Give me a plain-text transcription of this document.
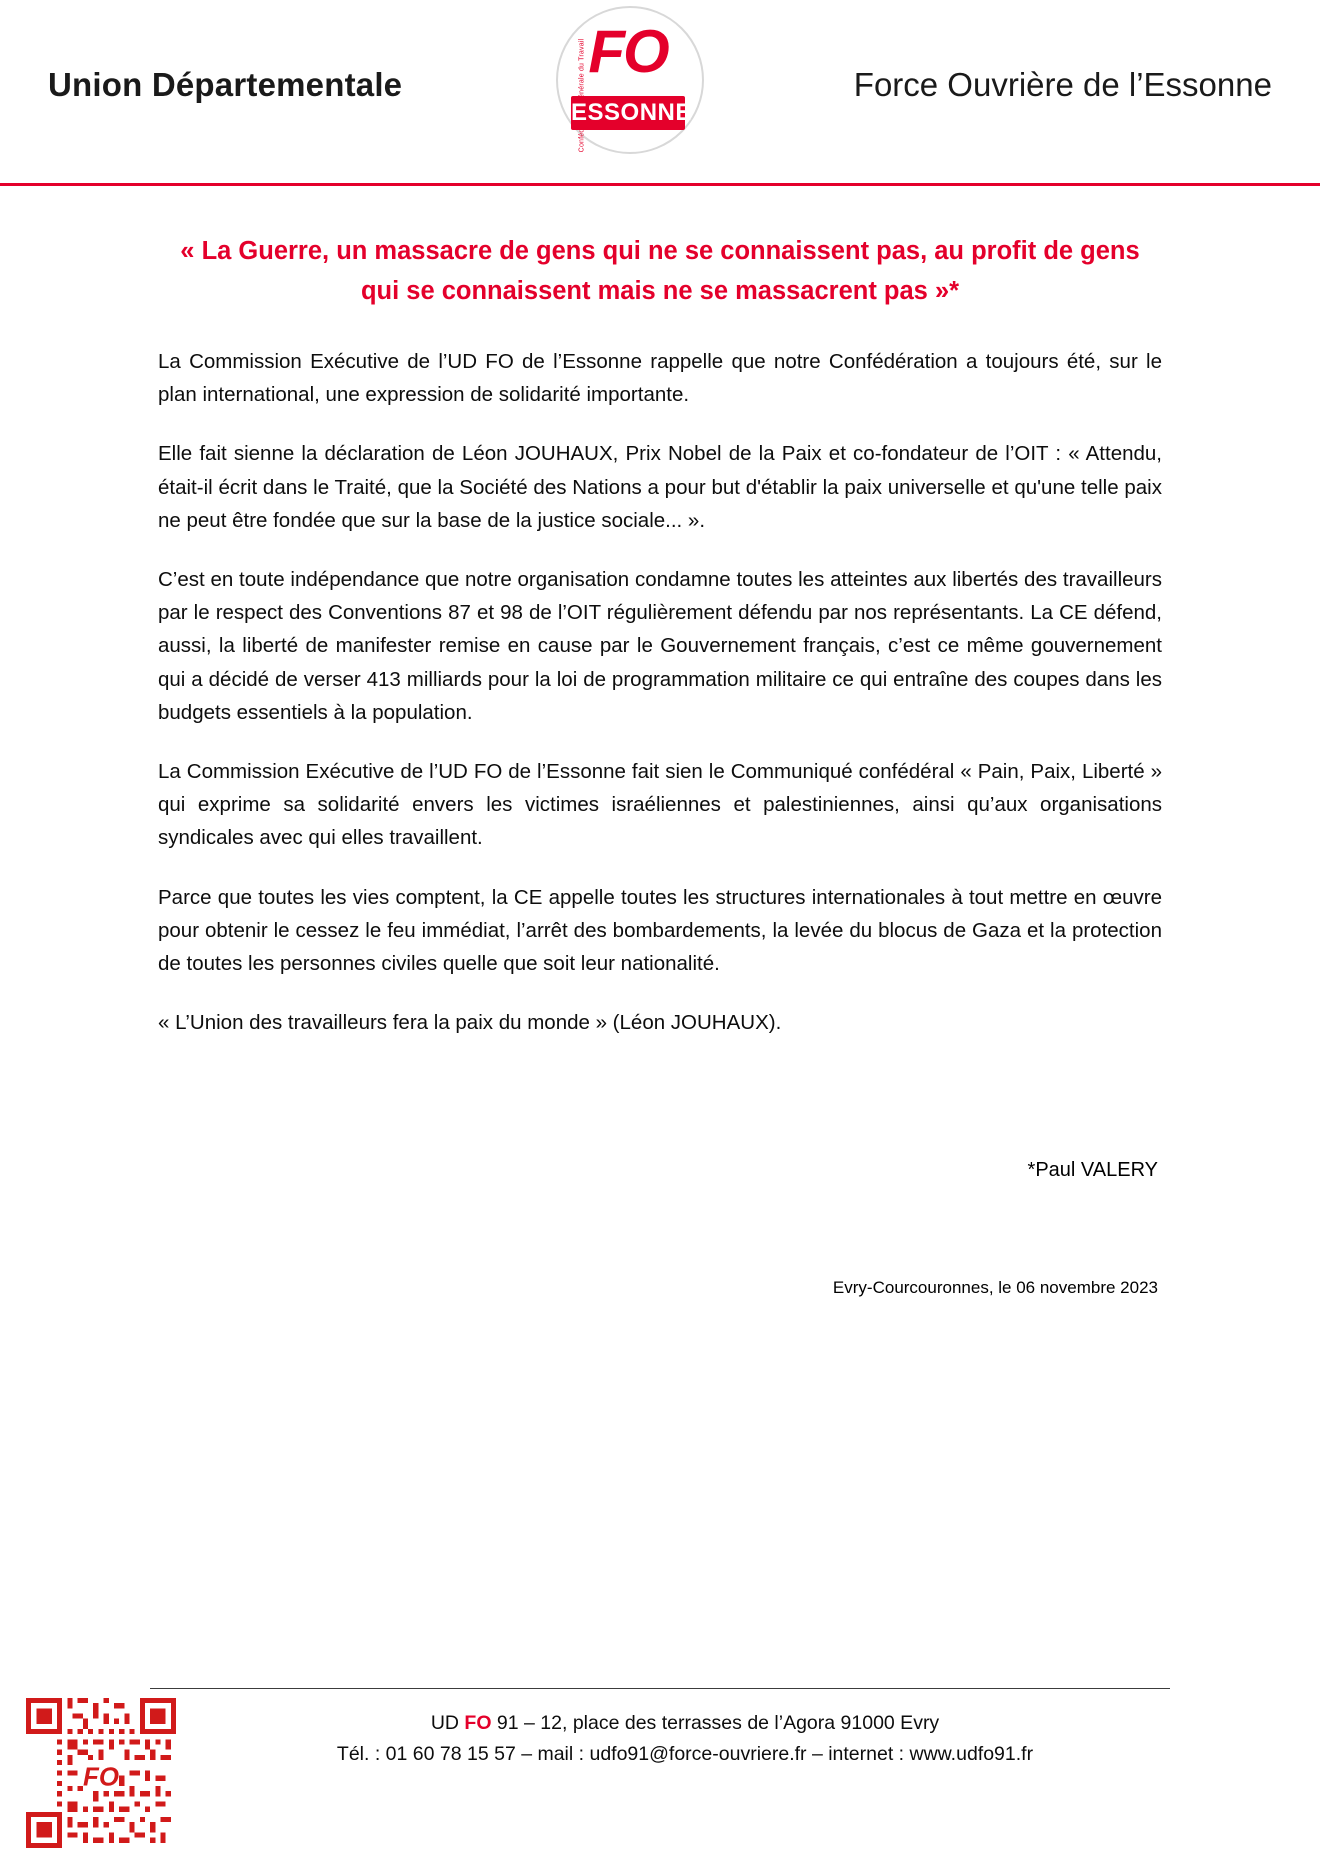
Union Départementale	FO
ESSONNE
Force Ouvrière de l’Essonne
« La Guerre, un massacre de gens qui ne se connaissent pas, au profit de gens qui se connaissent mais ne se massacrent pas »*

La Commission Exécutive de l’UD FO de l’Essonne rappelle que notre Confédération a toujours été, sur le plan international, une expression de solidarité importante.

Elle fait sienne la déclaration de Léon JOUHAUX, Prix Nobel de la Paix et co-fondateur de l’OIT : « Attendu, était-il écrit dans le Traité, que la Société des Nations a pour but d'établir la paix universelle et qu'une telle paix ne peut être fondée que sur la base de la justice sociale... ».

C’est en toute indépendance que notre organisation condamne toutes les atteintes aux libertés des travailleurs par le respect des Conventions 87 et 98 de l’OIT régulièrement défendu par nos représentants. La CE défend, aussi, la liberté de manifester remise en cause par le Gouvernement français, c’est ce même gouvernement qui a décidé de verser 413 milliards pour la loi de programmation militaire ce qui entraîne des coupes dans les budgets essentiels à la population.

La Commission Exécutive de l’UD FO de l’Essonne fait sien le Communiqué confédéral « Pain, Paix, Liberté » qui exprime sa solidarité envers les victimes israéliennes et palestiniennes, ainsi qu’aux organisations syndicales avec qui elles travaillent.

Parce que toutes les vies comptent, la CE appelle toutes les structures internationales à tout mettre en œuvre pour obtenir le cessez le feu immédiat, l’arrêt des bombardements, la levée du blocus de Gaza et la protection de toutes les personnes civiles quelle que soit leur nationalité.

« L’Union des travailleurs fera la paix du monde » (Léon JOUHAUX).

*Paul VALERY
Evry-Courcouronnes, le 06 novembre 2023
FO
UD FO 91 – 12, place des terrasses de l’Agora 91000 Evry
Tél. : 01 60 78 15 57 – mail : udfo91@force-ouvriere.fr – internet : www.udfo91.fr
